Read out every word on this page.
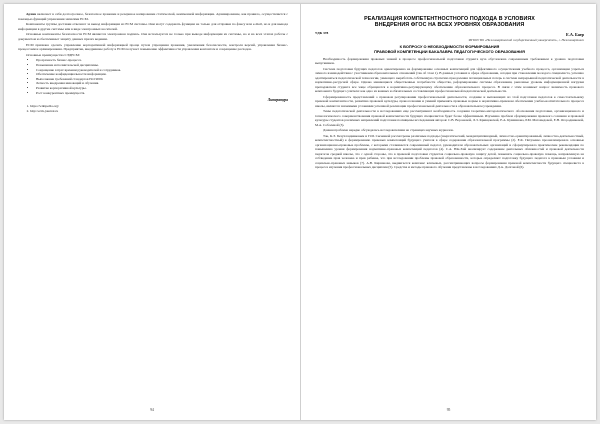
Архив включает в себя долгосрочное, безопасное хранение и резервное копирование статической, неизменной информации. Архивирование, как правило, осуществляется с помощью функций управления записями ECM.

Компоненты группы доставки отвечают за вывод информации из ECM системы. Они могут содержать функции не только для отправки по факсу или e-mail, но и для вывода информации в другие системы или в виде электронных носителей.

Основные компоненты безопасности ECM являются электронная подпись. Она используется не только при выводе информации из системы, но и на всех этапах работы с документом и обеспечивает защиту данных при их ведении.

ECM призвана сделать управление корпоративной информацией проще путем упрощения хранения, увеличения безопасности, контроля версий, управления бизнес-процессами и архивирования. Предприятие, внедрившее работу в ECM получает повышение эффективности управления контентом и сокращение расходов.

Основные преимущества СЭДЕСМ:

• Прозрачность бизнес-процесса.
• Повышение исполнительской дисциплины.
• Сокращение затрат времени руководителей и сотрудников.
• Обеспечение конфиденциальности информации.
• Выполнение требований стандартов ISO 9000.
• Легкость внедрения инноваций и обучения.
• Развитие корпоративной культуры.
• Рост конкурентных преимуществ.
Литература
1. https://wikipedia.org/
2. http://ecm-journal.ru
94
РЕАЛИЗАЦИЯ КОМПЕТЕНТНОСТНОГО ПОДХОДА В УСЛОВИЯХ
ВНЕДРЕНИЯ ФГОС НА ВСЕХ УРОВНЯХ ОБРАЗОВАНИЯ
УДК 378	Е.А. Баер
ФГБОУ ВО «Нижневартовский государственный университет», г. Нижневартовск
К ВОПРОСУ О НЕОБХОДИМОСТИ ФОРМИРОВАНИЯ
ПРАВОВОЙ КОМПЕТЕНЦИИ БАКАЛАВРА ПЕДАГОГИЧЕСКОГО ОБРАЗОВАНИЯ

Необходимость формирования правовых знаний в процессе профессиональной подготовки студента вуза обусловлена современным требованием к уровню подготовки выпускников.

Система подготовки будущих педагогов ориентирована на формирование основных компетенций для эффективного осуществления учебного процесса, организации учреться личного взаимодействия с участниками образовательных отношений (так об этом 1). В данных условиях в сфере образования, сегодня при становлении молодого специалиста, успешно адаптироваться педагогической технологии, умеющего выработать собственную стратегию преодоления потенциальных потерь в системе непрерывной педагогической деятельности в нормативно-ресурсной сфере. Однако меняющиеся общественные потребности общества, реформирование системы образования, рыночные уровень информационной нагрузки преподавателя студента все чаще обращаются к нормативно-регулирующему обеспечению образовательного процесса. В связи с этим возникает вопрос значимость правового компонента будущего учителя: как одно из важных и обязательных составляющих профессиональной педагогической деятельности.

Сформированность представлений о правовом регулировании профессиональной деятельности, создание и вытекающих из этой подготовки педагогов к самостоятельному правовой компетентности, развитию правовой культуры, правосознания и умений применять правовые нормы в нормативно-правовом обеспечении учебно-воспитательного процесса школы, являются значимыми условиями успешной реализации профессиональной деятельности в образовательном учреждении.

Темы педагогической деятельности в исследованиях еще рассматривают необходимость создания теоретико-методологического обоснования подготовки, организационного и технологического совершенствования правовой компетентности будущих специалистов будет более эффективным. Изучению проблем сформирования правового сознания и правовой культуры студентов различных направлений подготовки посвящены исследования авторов: С.В. Вороновой, Л.З. Кривцовской, Е.А. Кувшинова, Р.М. Магомедовой, Е.Н. Огородниковой, М.А. Соболевой (3).

Данная проблема нередко обсуждалась исследователями на страницах научных журналов.

Так, К.Э. Безухлаздниковым и Г.Ш. Сычиевой рассмотрены различные подходы (энергетический, междисциплинарный, личностно-ориентированный, личностно-деятельностный, компетентностный) к формированию правовых компетенций будущего учителя в сфере содержания образовательной программы (2). Е.К. Петрченко проанализировала основные организационно-правовые проблемы, с которыми сталкивается современный педагог, руководители образовательных организаций и сформулировала практические рекомендации по повышению уровня формирования нормативно-правовых компетенций педагогов (4). С.А. Юн-Хай анализирует содержание деятельных обязанностей и правовой деятельности педагогов средней школы, что с одной стороны, что в правовой подготовки студентов социально-правовую защиту детей, повышать социально-правовую помощь, направленную на соблюдение прав человека и прав ребенка, что при исследовании проблемы правовой образованности, которые определяют подготовку будущего педагога к правовым условиям и социально-правовых навыков (7). А.В. Кирнанова, выдвигается комплекс ключевых, рассматривающих вопросы формирования правовой компетентности будущего специалиста в процессе изучения профессиональных дисциплин (5). Средства и методы правового обучения представлены в исследованиях Д.А. Долговой (6).

95
